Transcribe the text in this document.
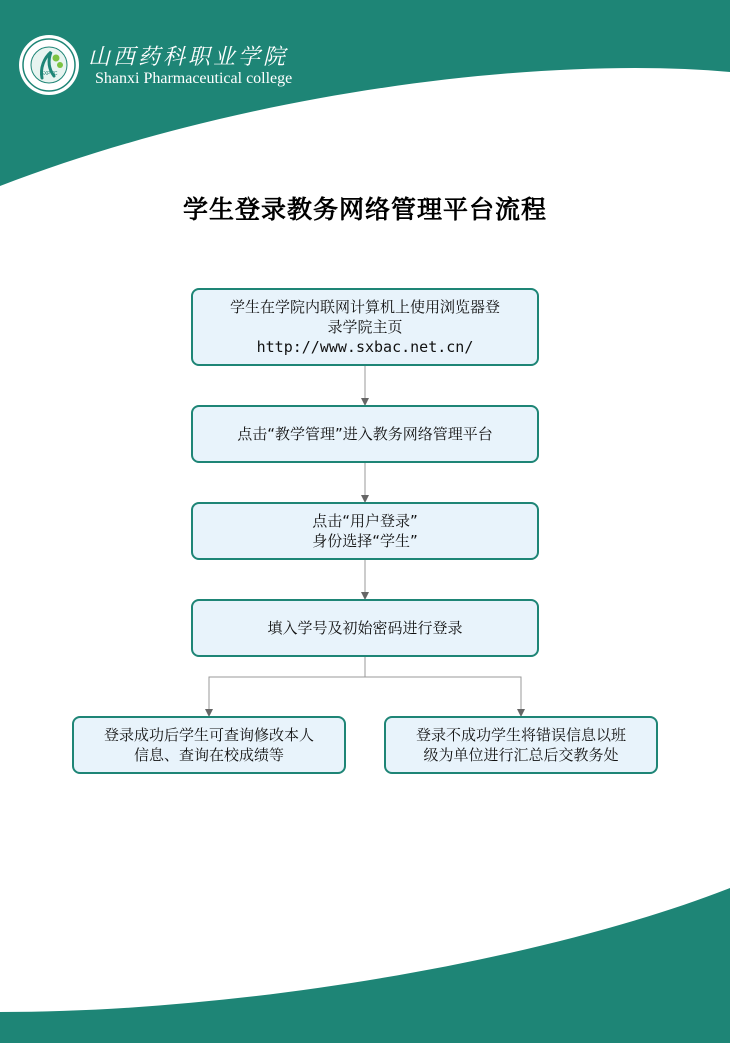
SXPVC
山西药科职业学院
Shanxi Pharmaceutical college
学生登录教务网络管理平台流程
学生在学院内联网计算机上使用浏览器登
录学院主页
http://www.sxbac.net.cn/
点击“教学管理”进入教务网络管理平台
点击“用户登录”
身份选择“学生”
填入学号及初始密码进行登录
登录成功后学生可查询修改本人
信息、查询在校成绩等
登录不成功学生将错误信息以班
级为单位进行汇总后交教务处
